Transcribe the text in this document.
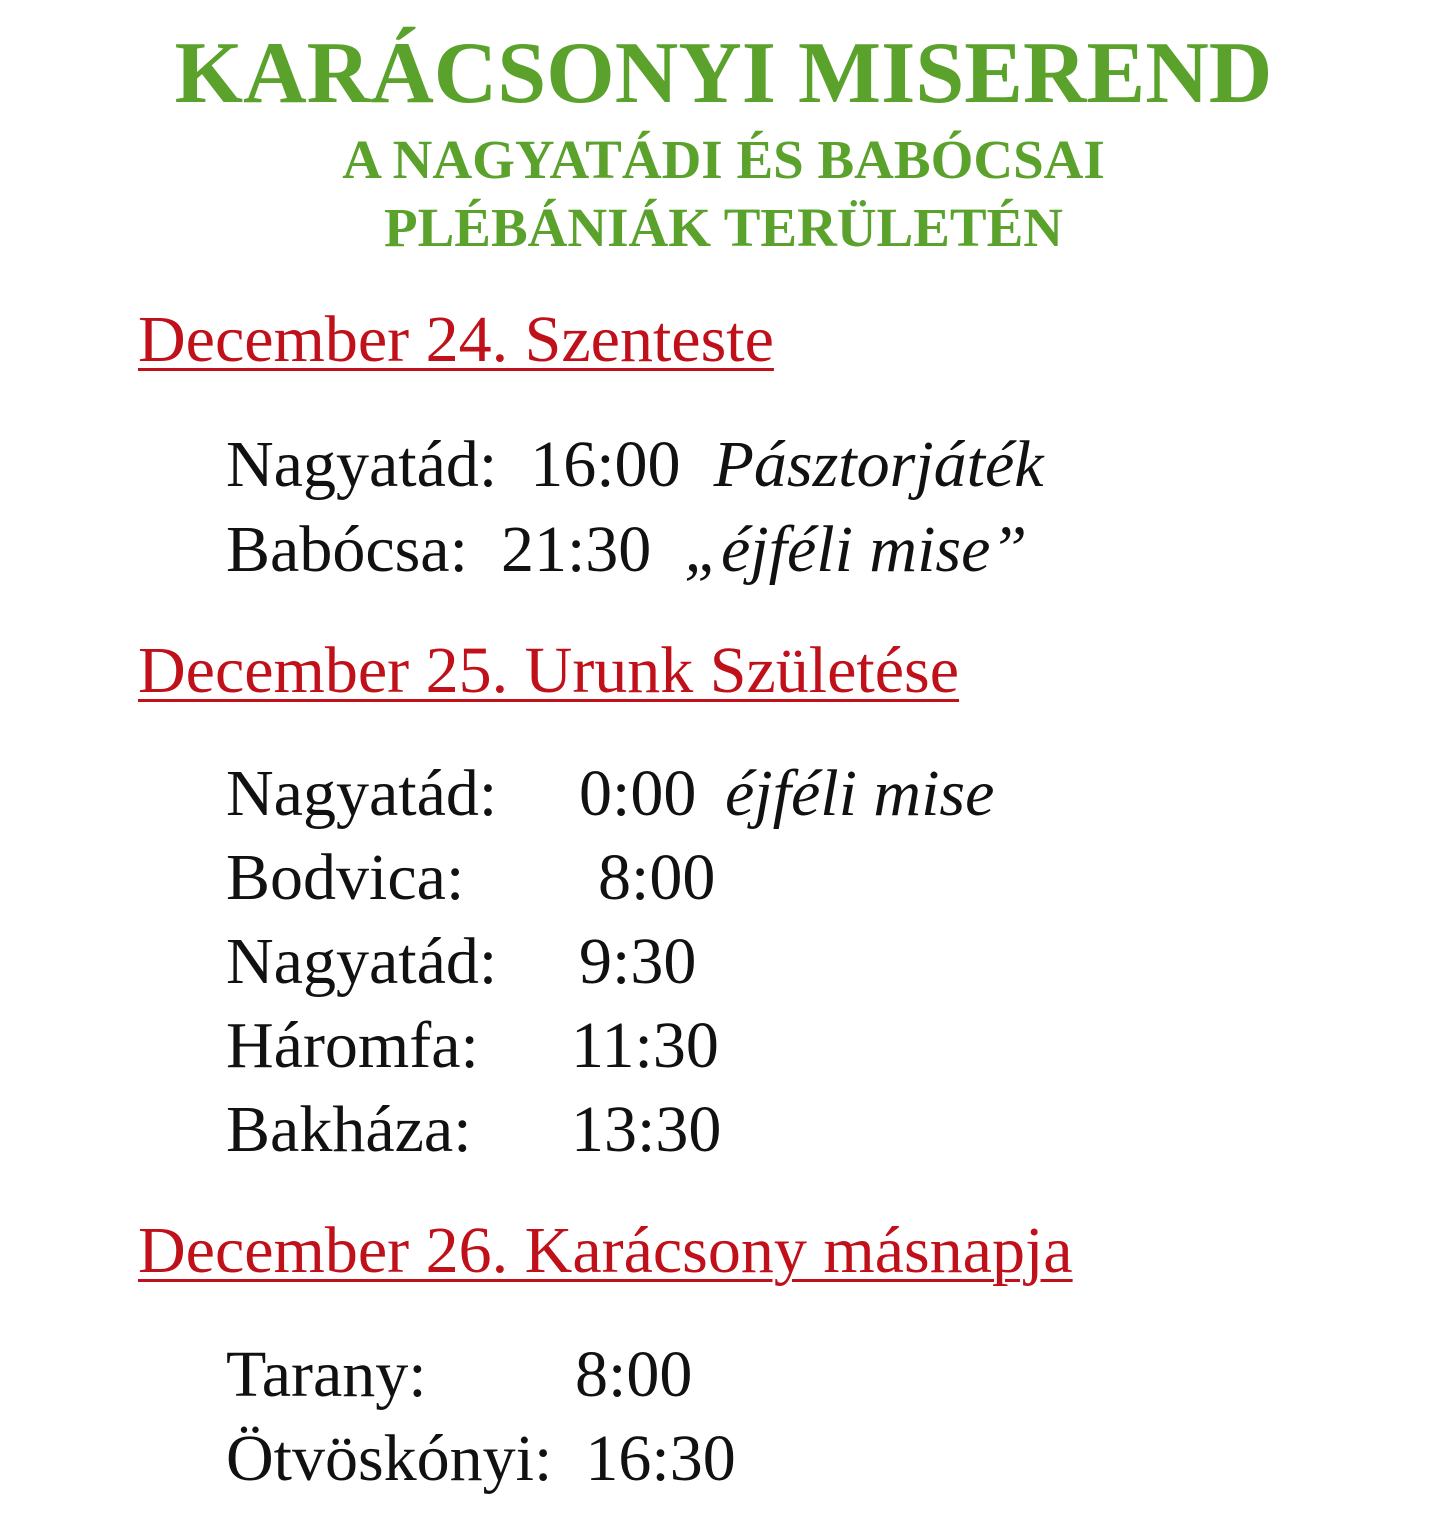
KARÁCSONYI MISEREND
A NAGYATÁDI ÉS BABÓCSAI
PLÉBÁNIÁK TERÜLETÉN
December 24. Szenteste
Nagyatád: 16:00 Pásztorjáték
Babócsa: 21:30 „éjféli mise”
December 25. Urunk Születése
Nagyatád: 0:00 éjféli mise
Bodvica: 8:00
Nagyatád: 9:30
Háromfa: 11:30
Bakháza: 13:30
December 26. Karácsony másnapja
Tarany: 8:00
Ötvöskónyi: 16:30
